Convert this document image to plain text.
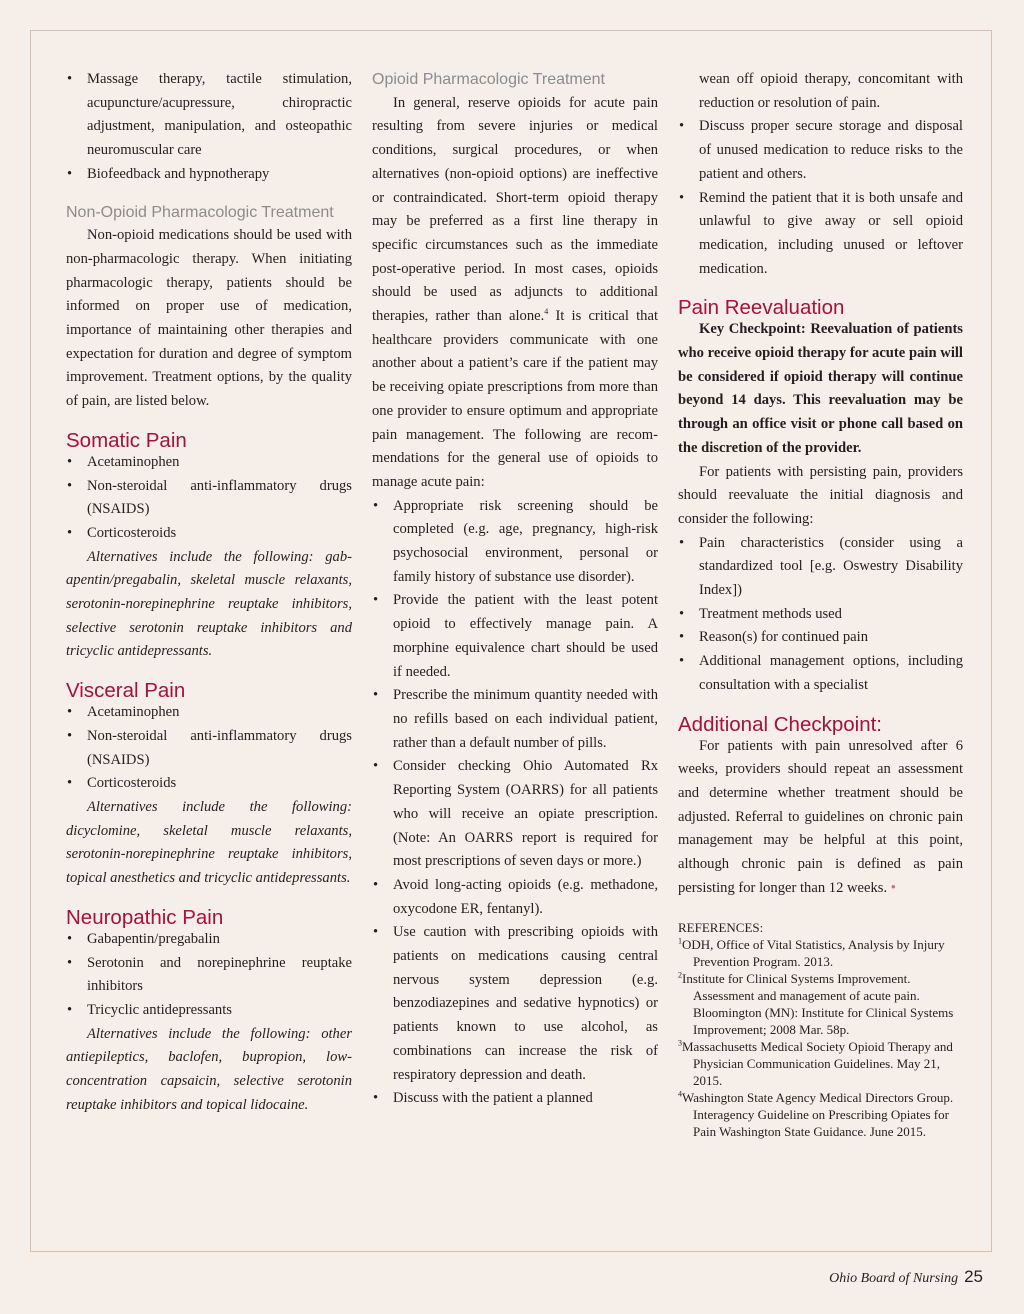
• Massage therapy, tactile stimulation, acupuncture/acupressure, chiropractic adjustment, manipulation, and osteopathic neuromuscular care
• Biofeedback and hypnotherapy
Non-Opioid Pharmacologic Treatment

Non-opioid medications should be used with non-pharmacologic therapy. When initiating pharmacologic therapy, patients should be informed on proper use of medication, importance of maintaining other therapies and expectation for duration and degree of symptom improvement. Treatment options, by the quality of pain, are listed below.

Somatic Pain
• Acetaminophen
• Non-steroidal anti-inflammatory drugs (NSAIDS)
• Corticosteroids

Alternatives include the following: gabapentin/pregabalin, skeletal muscle relaxants, serotonin-norepinephrine reuptake inhibitors, selective serotonin reuptake inhibitors and tricyclic antidepressants.

Visceral Pain
• Acetaminophen
• Non-steroidal anti-inflammatory drugs (NSAIDS)
• Corticosteroids

Alternatives include the following: dicyclomine, skeletal muscle relaxants, serotonin-norepinephrine reuptake inhibitors, topical anesthetics and tricyclic antidepressants.

Neuropathic Pain
• Gabapentin/pregabalin
• Serotonin and norepinephrine reuptake inhibitors
• Tricyclic antidepressants

Alternatives include the following: other antiepileptics, baclofen, bupropion, low-concentration capsaicin, selective serotonin reuptake inhibitors and topical lidocaine.

Opioid Pharmacologic Treatment

In general, reserve opioids for acute pain resulting from severe injuries or medical conditions, surgical procedures, or when alternatives (non-opioid options) are ineffective or contraindicated. Short-term opioid therapy may be preferred as a first line therapy in specific circumstances such as the immediate post-operative period. In most cases, opioids should be used as adjuncts to additional therapies, rather than alone.$^4$ It is critical that healthcare providers communicate with one another about a patient’s care if the patient may be receiving opiate prescriptions from more than one provider to ensure optimum and appropriate pain management. The following are recommendations for the general use of opioids to manage acute pain:

• Appropriate risk screening should be completed (e.g. age, pregnancy, high-risk psychosocial environment, personal or family history of substance use disorder).
• Provide the patient with the least potent opioid to effectively manage pain. A morphine equivalence chart should be used if needed.
• Prescribe the minimum quantity needed with no refills based on each individual patient, rather than a default number of pills.
• Consider checking Ohio Automated Rx Reporting System (OARRS) for all patients who will receive an opiate prescription. (Note: An OARRS report is required for most prescriptions of seven days or more.)
• Avoid long-acting opioids (e.g. methadone, oxycodone ER, fentanyl).
• Use caution with prescribing opioids with patients on medications causing central nervous system depression (e.g. benzodiazepines and sedative hypnotics) or patients known to use alcohol, as combinations can increase the risk of respiratory depression and death.
• Discuss with the patient a planned

wean off opioid therapy, concomitant with reduction or resolution of pain.

• Discuss proper secure storage and disposal of unused medication to reduce risks to the patient and others.
• Remind the patient that it is both unsafe and unlawful to give away or sell opioid medication, including unused or leftover medication.
Pain Reevaluation

Key Checkpoint: Reevaluation of patients who receive opioid therapy for acute pain will be considered if opioid therapy will continue beyond 14 days. This reevaluation may be through an office visit or phone call based on the discretion of the provider.

For patients with persisting pain, providers should reevaluate the initial diagnosis and consider the following:

• Pain characteristics (consider using a standardized tool [e.g. Oswestry Disability Index])
• Treatment methods used
• Reason(s) for continued pain
• Additional management options, including consultation with a specialist
Additional Checkpoint:

For patients with pain unresolved after 6 weeks, providers should repeat an assessment and determine whether treatment should be adjusted. Referral to guidelines on chronic pain management may be helpful at this point, although chronic pain is defined as pain persisting for longer than 12 weeks. •

REFERENCES:

$^1$ODH, Office of Vital Statistics, Analysis by Injury Prevention Program. 2013.

$^2$Institute for Clinical Systems Improvement. Assessment and management of acute pain. Bloomington (MN): Institute for Clinical Systems Improvement; 2008 Mar. 58p.

$^3$Massachusetts Medical Society Opioid Therapy and Physician Communication Guidelines. May 21, 2015.

$^4$Washington State Agency Medical Directors Group. Interagency Guideline on Prescribing Opiates for Pain Washington State Guidance. June 2015.

Ohio Board of Nursing 25
